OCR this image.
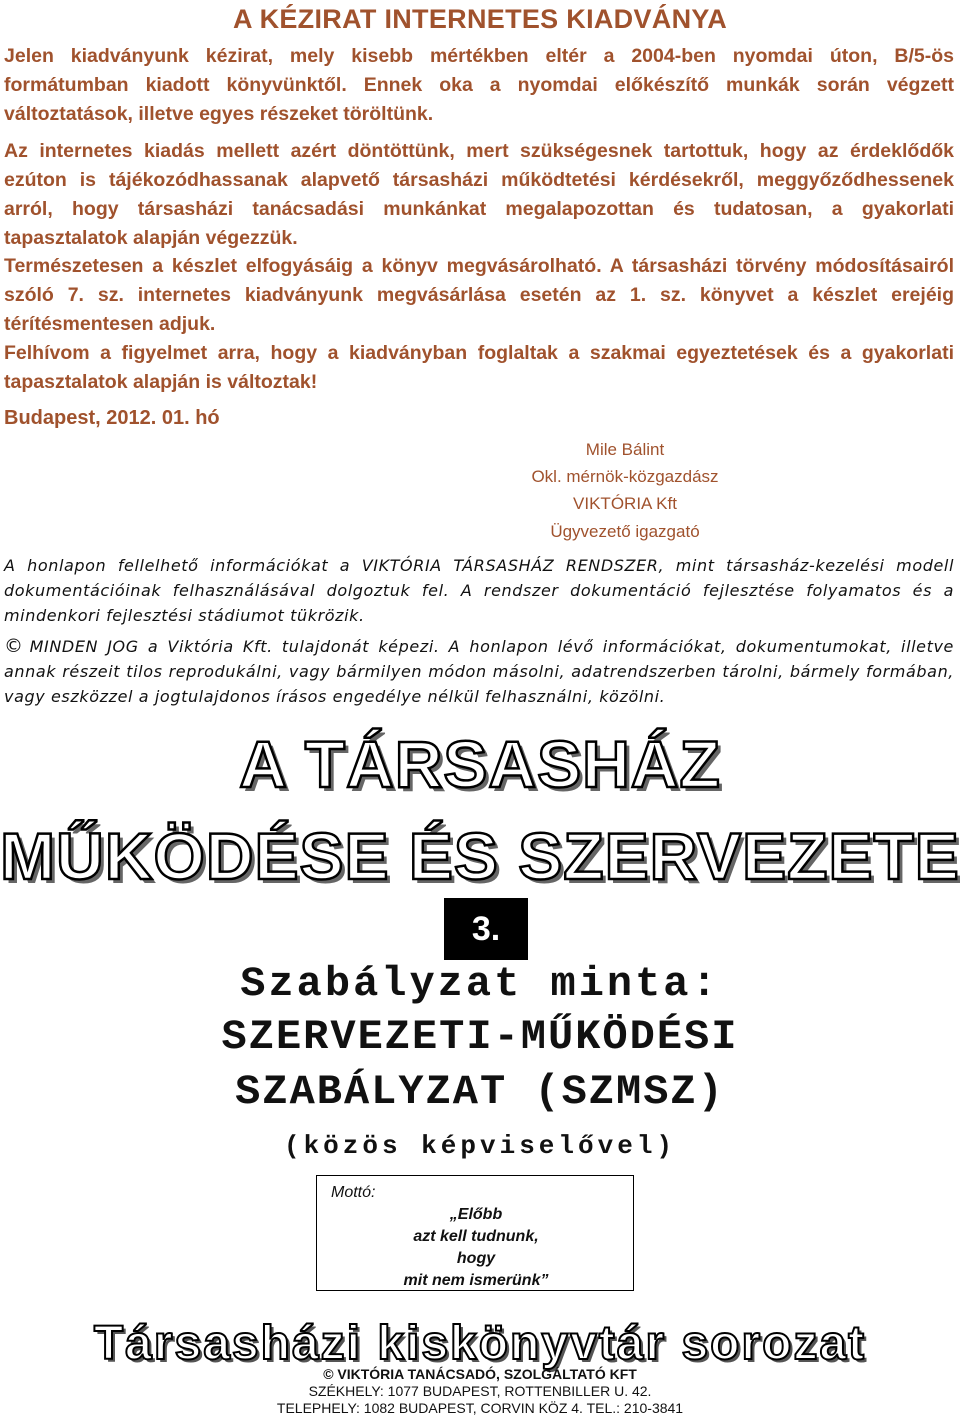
A KÉZIRAT INTERNETES KIADVÁNYA

Jelen kiadványunk kézirat, mely kisebb mértékben eltér a 2004-ben nyomdai úton, B/5-ös formátumban kiadott könyvünktől. Ennek oka a nyomdai előkészítő munkák során végzett változtatások, illetve egyes részeket töröltünk.

Az internetes kiadás mellett azért döntöttünk, mert szükségesnek tartottuk, hogy az érdeklődők ezúton is tájékozódhassanak alapvető társasházi működtetési kérdésekről, meggyőződhessenek arról, hogy társasházi tanácsadási munkánkat megalapozottan és tudatosan, a gyakorlati tapasztalatok alapján végezzük.

Természetesen a készlet elfogyásáig a könyv megvásárolható. A társasházi törvény módosításairól szóló 7. sz. internetes kiadványunk megvásárlása esetén az 1. sz. könyvet a készlet erejéig térítésmentesen adjuk.

Felhívom a figyelmet arra, hogy a kiadványban foglaltak a szakmai egyeztetések és a gyakorlati tapasztalatok alapján is változtak!

Budapest, 2012. 01. hó

Mile Bálint
Okl. mérnök-közgazdász
VIKTÓRIA Kft
Ügyvezető igazgató

A honlapon fellelhető információkat a VIKTÓRIA TÁRSASHÁZ RENDSZER, mint társasház-kezelési modell dokumentációinak felhasználásával dolgoztuk fel. A rendszer dokumentáció fejlesztése folyamatos és a mindenkori fejlesztési stádiumot tükrözik.

© MINDEN JOG a Viktória Kft. tulajdonát képezi. A honlapon lévő információkat, dokumentumokat, illetve annak részeit tilos reprodukálni, vagy bármilyen módon másolni, adatrendszerben tárolni, bármely formában, vagy eszközzel a jogtulajdonos írásos engedélye nélkül felhasználni, közölni.

A TÁRSASHÁZ
MŰKÖDÉSE ÉS SZERVEZETE
3.
Szabályzat minta:
SZERVEZETI-MŰKÖDÉSI
SZABÁLYZAT (SZMSZ)
(közös képviselővel)
Mottó:
„Előbb
azt kell tudnunk,
hogy
mit nem ismerünk”
Társasházi kiskönyvtár sorozat

© VIKTÓRIA TANÁCSADÓ, SZOLGÁLTATÓ KFT

SZÉKHELY: 1077 BUDAPEST, ROTTENBILLER U. 42.

TELEPHELY: 1082 BUDAPEST, CORVIN KÖZ 4. TEL.: 210-3841
